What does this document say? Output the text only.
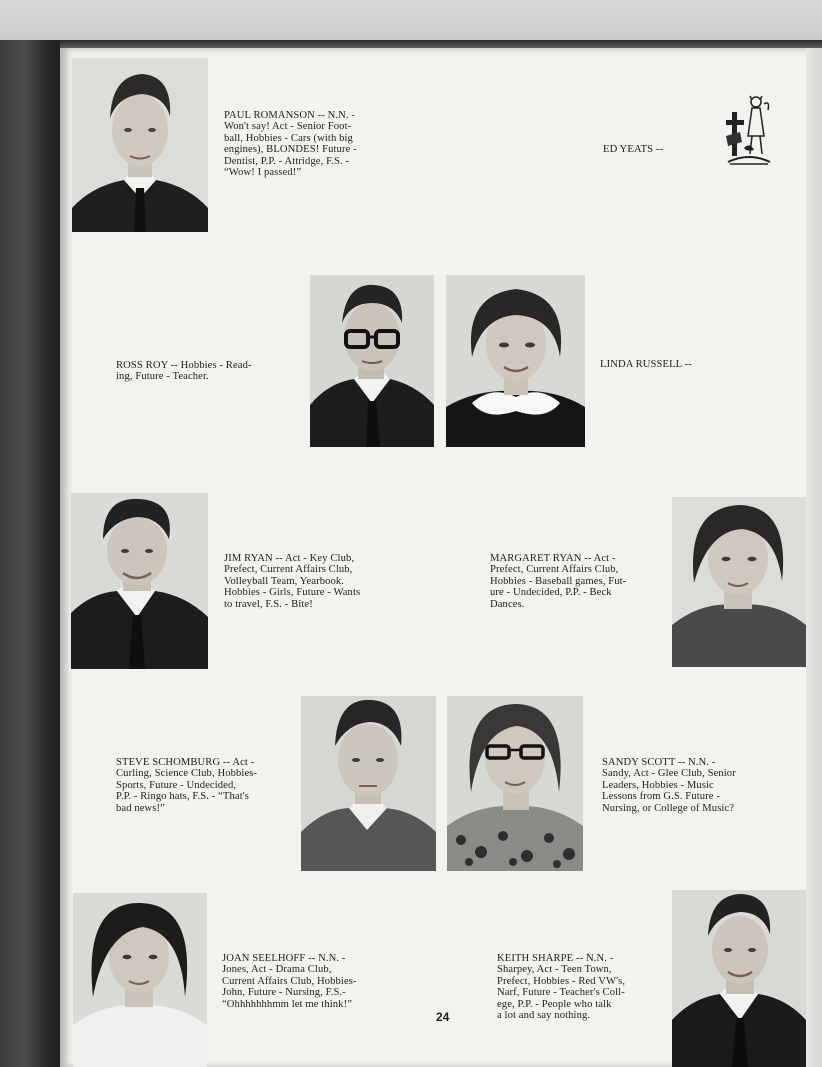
PAUL ROMANSON -- N.N. -
Won't say! Act - Senior Foot-
ball, Hobbies - Cars (with big
engines), BLONDES! Future -
Dentist, P.P. - Attridge, F.S. -
“Wow! I passed!”
ED YEATS --
ROSS ROY -- Hobbies - Read-
ing, Future - Teacher.
LINDA RUSSELL --
JIM RYAN -- Act - Key Club,
Prefect, Current Affairs Club,
Volleyball Team, Yearbook.
Hobbies - Girls, Future - Wants
to travel, F.S. - Bite!
MARGARET RYAN -- Act -
Prefect, Current Affairs Club,
Hobbies - Baseball games, Fut-
ure - Undecided, P.P. - Beck
Dances.
STEVE SCHOMBURG -- Act -
Curling, Science Club, Hobbies-
Sports, Future - Undecided,
P.P. - Ringo hats, F.S. - “That's
bad news!”
SANDY SCOTT -- N.N. -
Sandy, Act - Glee Club, Senior
Leaders, Hobbies - Music
Lessons from G.S. Future -
Nursing, or College of Music?
JOAN SEELHOFF -- N.N. -
Jones, Act - Drama Club,
Current Affairs Club, Hobbies-
John, Future - Nursing, F.S.-
“Ohhhhhhhmm let me think!”
24
KEITH SHARPE -- N.N. -
Sharpey, Act - Teen Town,
Prefect, Hobbies - Red VW's,
Narf, Future - Teacher's Coll-
ege, P.P. - People who talk
a lot and say nothing.
